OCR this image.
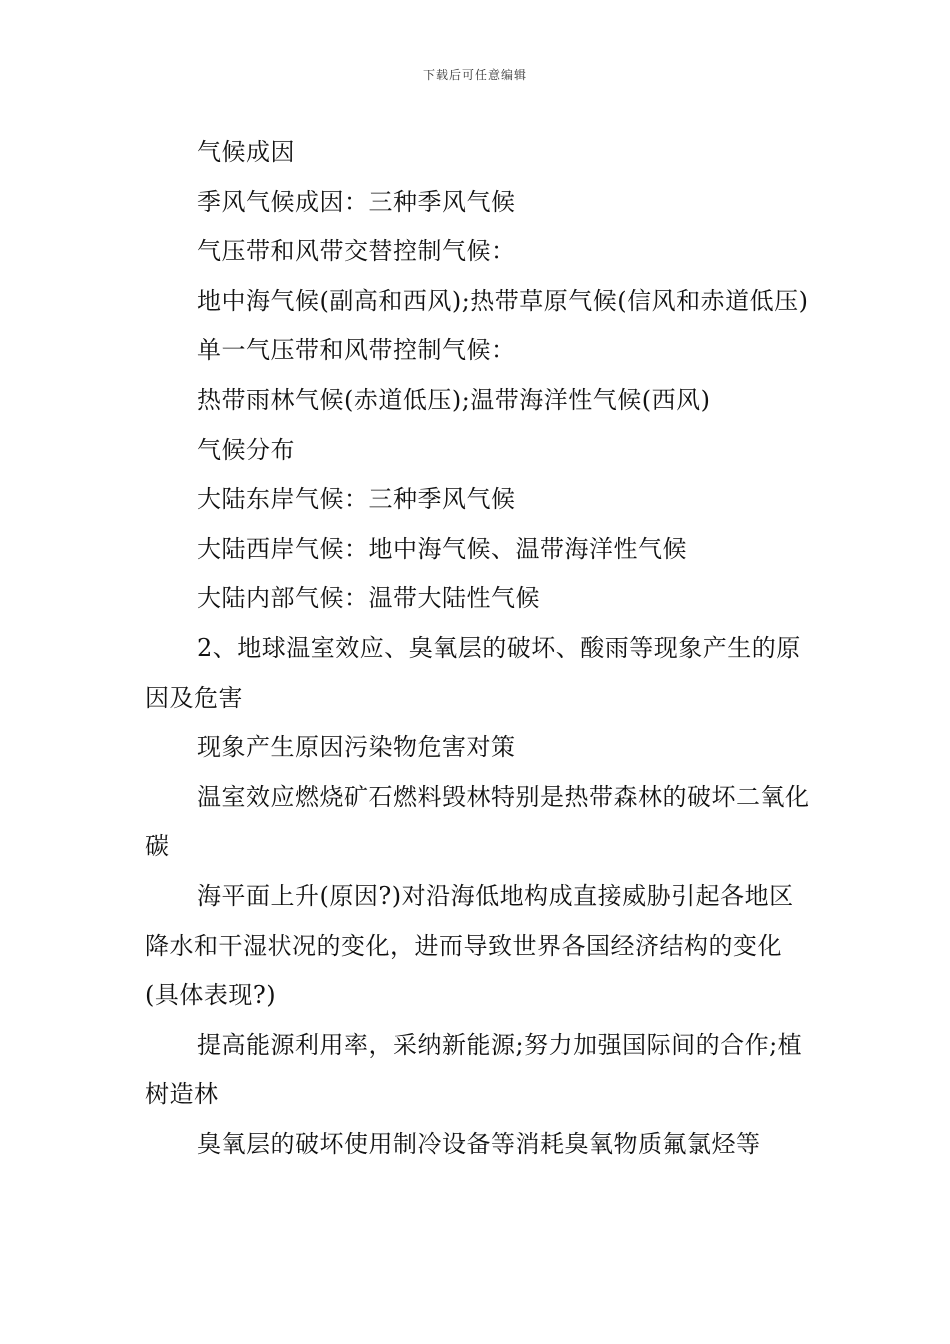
下载后可任意编辑

气候成因

季风气候成因：三种季风气候

气压带和风带交替控制气候：

地中海气候(副高和西风);热带草原气候(信风和赤道低压)

单一气压带和风带控制气候：

热带雨林气候(赤道低压);温带海洋性气候(西风)

气候分布

大陆东岸气候：三种季风气候

大陆西岸气候：地中海气候、温带海洋性气候

大陆内部气候：温带大陆性气候

2、地球温室效应、臭氧层的破坏、酸雨等现象产生的原因及危害

现象产生原因污染物危害对策

温室效应燃烧矿石燃料毁林特别是热带森林的破坏二氧化碳

海平面上升(原因?)对沿海低地构成直接威胁引起各地区降水和干湿状况的变化，进而导致世界各国经济结构的变化(具体表现?)

提高能源利用率，采纳新能源;努力加强国际间的合作;植树造林

臭氧层的破坏使用制冷设备等消耗臭氧物质氟氯烃等
